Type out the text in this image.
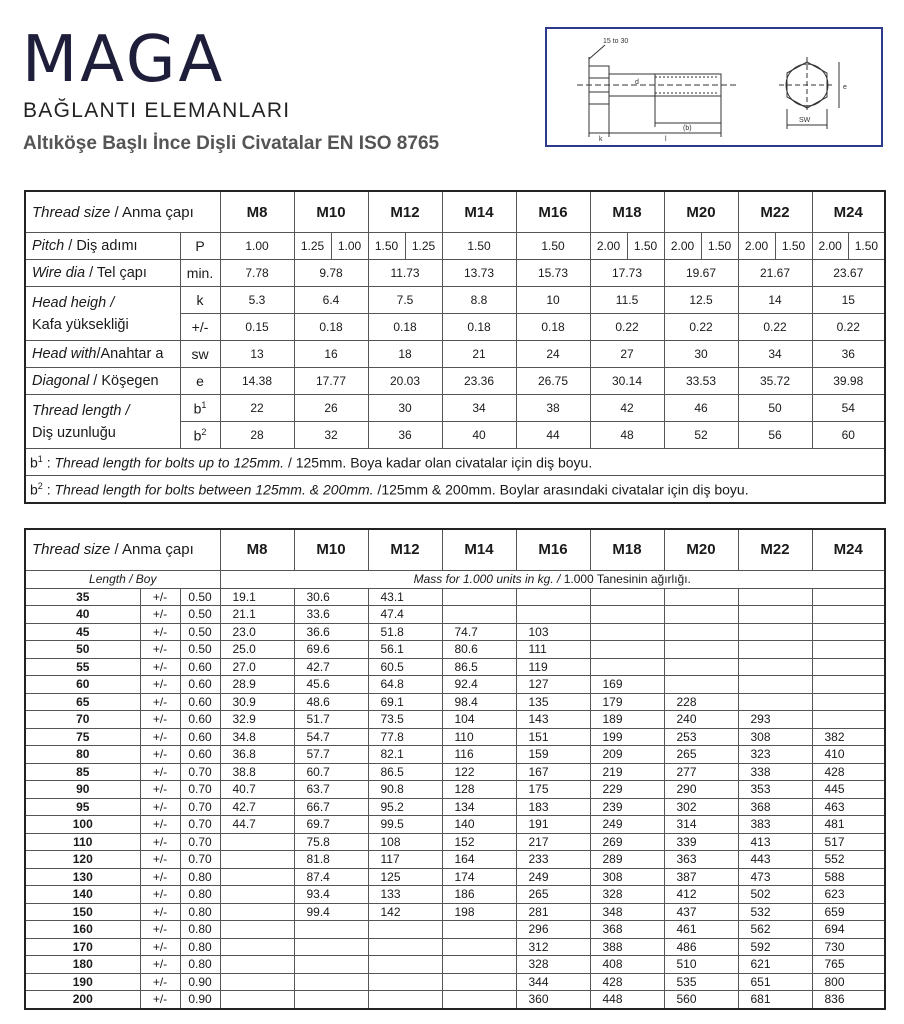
MAGA
BAĞLANTI ELEMANLARI
Altıköşe Başlı İnce Dişli Civatalar EN ISO 8765
15 to 30
k	l
(b)
d
e
SW
Thread size / Anma çapı		M8	M10	M12	M14	M16	M18	M20	M22	M24
Pitch / Diş adımı	P	1.00	1.25 1.00	1.50 1.25	1.50	1.50	2.00 1.50	2.00 1.50	2.00 1.50	2.00 1.50

Wire dia / Tel çapı	min.	7.78	9.78	11.73	13.73	15.73	17.73	19.67	21.67	23.67
Head heigh /
Kafa yüksekliği	k	5.3	6.4	7.5	8.8	10	11.5	12.5	14	15
	+/-	0.15	0.18	0.18	0.18	0.18	0.22	0.22	0.22	0.22
Head with/Anahtar a	sw	13	16	18	21	24	27	30	34	36
Diagonal / Köşegen	e	14.38	17.77	20.03	23.36	26.75	30.14	33.53	35.72	39.98
Thread length /
Diş uzunluğu	$b^1$	22	26	30	34	38	42	46	50	54
	$b^2$	28	32	36	40	44	48	52	56	60
$b^1$ : Thread length for bolts up to 125mm. / 125mm. Boya kadar olan civatalar için diş boyu.										
$b^2$ : Thread length for bolts between 125mm. & 200mm. /125mm & 200mm. Boylar arasındaki civatalar için diş boyu.										
Thread size / Anma çapı			M8	M10	M12	M14	M16	M18	M20	M22	M24
Length / Boy			Mass for 1.000 units in kg. / 1.000 Tanesinin ağırlığı.								
35	+/-	0.50	19.1	30.6	43.1						
40	+/-	0.50	21.1	33.6	47.4						
45	+/-	0.50	23.0	36.6	51.8	74.7	103				
50	+/-	0.50	25.0	69.6	56.1	80.6	111				
55	+/-	0.60	27.0	42.7	60.5	86.5	119				
60	+/-	0.60	28.9	45.6	64.8	92.4	127	169			
65	+/-	0.60	30.9	48.6	69.1	98.4	135	179	228		
70	+/-	0.60	32.9	51.7	73.5	104	143	189	240	293	
75	+/-	0.60	34.8	54.7	77.8	110	151	199	253	308	382
80	+/-	0.60	36.8	57.7	82.1	116	159	209	265	323	410
85	+/-	0.70	38.8	60.7	86.5	122	167	219	277	338	428
90	+/-	0.70	40.7	63.7	90.8	128	175	229	290	353	445
95	+/-	0.70	42.7	66.7	95.2	134	183	239	302	368	463
100	+/-	0.70	44.7	69.7	99.5	140	191	249	314	383	481
110	+/-	0.70		75.8	108	152	217	269	339	413	517
120	+/-	0.70		81.8	117	164	233	289	363	443	552
130	+/-	0.80		87.4	125	174	249	308	387	473	588
140	+/-	0.80		93.4	133	186	265	328	412	502	623
150	+/-	0.80		99.4	142	198	281	348	437	532	659
160	+/-	0.80					296	368	461	562	694
170	+/-	0.80					312	388	486	592	730
180	+/-	0.80					328	408	510	621	765
190	+/-	0.90					344	428	535	651	800
200	+/-	0.90					360	448	560	681	836
